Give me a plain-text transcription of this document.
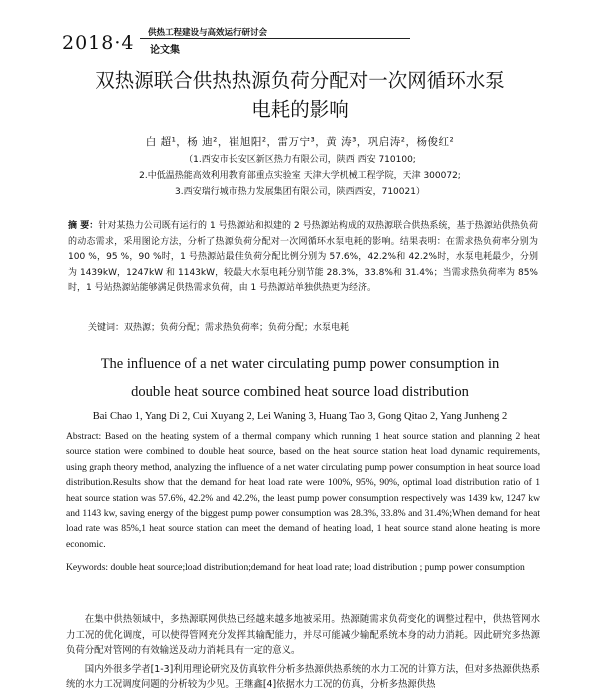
2018·4 供热工程建设与高效运行研讨会
论文集
双热源联合供热热源负荷分配对一次网循环水泵
电耗的影响
白 超¹，杨 迪²，崔旭阳²，雷万宁³，黄 涛³，巩启涛²，杨俊红²
（1.西安市长安区新区热力有限公司，陕西 西安 710100;
2.中低温热能高效利用教育部重点实验室 天津大学机械工程学院，天津 300072;
3.西安瑞行城市热力发展集团有限公司，陕西西安，710021）
摘 要：针对某热力公司既有运行的 1 号热源站和拟建的 2 号热源站构成的双热源联合供热系统，基于热源站供热负荷的动态需求，采用图论方法，分析了热源负荷分配对一次网循环水泵电耗的影响。结果表明：在需求热负荷率分别为 100 %，95 %，90 %时，1 号热源站最佳负荷分配比例分别为 57.6%，42.2%和 42.2%时，水泵电耗最少，分别为 1439kW，1247kW 和 1143kW，较最大水泵电耗分别节能 28.3%，33.8%和 31.4%；当需求热负荷率为 85%时，1 号站热源站能够满足供热需求负荷，由 1 号热源站单独供热更为经济。
关键词：双热源；负荷分配；需求热负荷率；负荷分配；水泵电耗
The influence of a net water circulating pump power consumption in
double heat source combined heat source load distribution
Bai Chao 1, Yang Di 2, Cui Xuyang 2, Lei Waning 3, Huang Tao 3, Gong Qitao 2, Yang Junheng 2
Abstract: Based on the heating system of a thermal company which running 1 heat source station and planning 2 heat source station were combined to double heat source, based on the heat source station heat load dynamic requirements, using graph theory method, analyzing the influence of a net water circulating pump power consumption in heat source load distribution.Results show that the demand for heat load rate were 100%, 95%, 90%, optimal load distribution ratio of 1 heat source station was 57.6%, 42.2% and 42.2%, the least pump power consumption respectively was 1439 kw, 1247 kw and 1143 kw, saving energy of the biggest pump power consumption was 28.3%, 33.8% and 31.4%;When demand for heat load rate was 85%,1 heat source station can meet the demand of heating load, 1 heat source stand alone heating is more economic.
Keywords: double heat source;load distribution;demand for heat load rate; load distribution ; pump power consumption

在集中供热领域中，多热源联网供热已经越来越多地被采用。热源随需求负荷变化的调整过程中，供热管网水力工况的优化调度，可以使得管网充分发挥其输配能力，并尽可能减少输配系统本身的动力消耗。因此研究多热源负荷分配对管网的有效输送及动力消耗具有一定的意义。

国内外很多学者[1-3]利用理论研究及仿真软件分析多热源供热系统的水力工况的计算方法，但对多热源供热系统的水力工况调度问题的分析较为少见。王继鑫[4]依据水力工况的仿真，分析多热源供热
